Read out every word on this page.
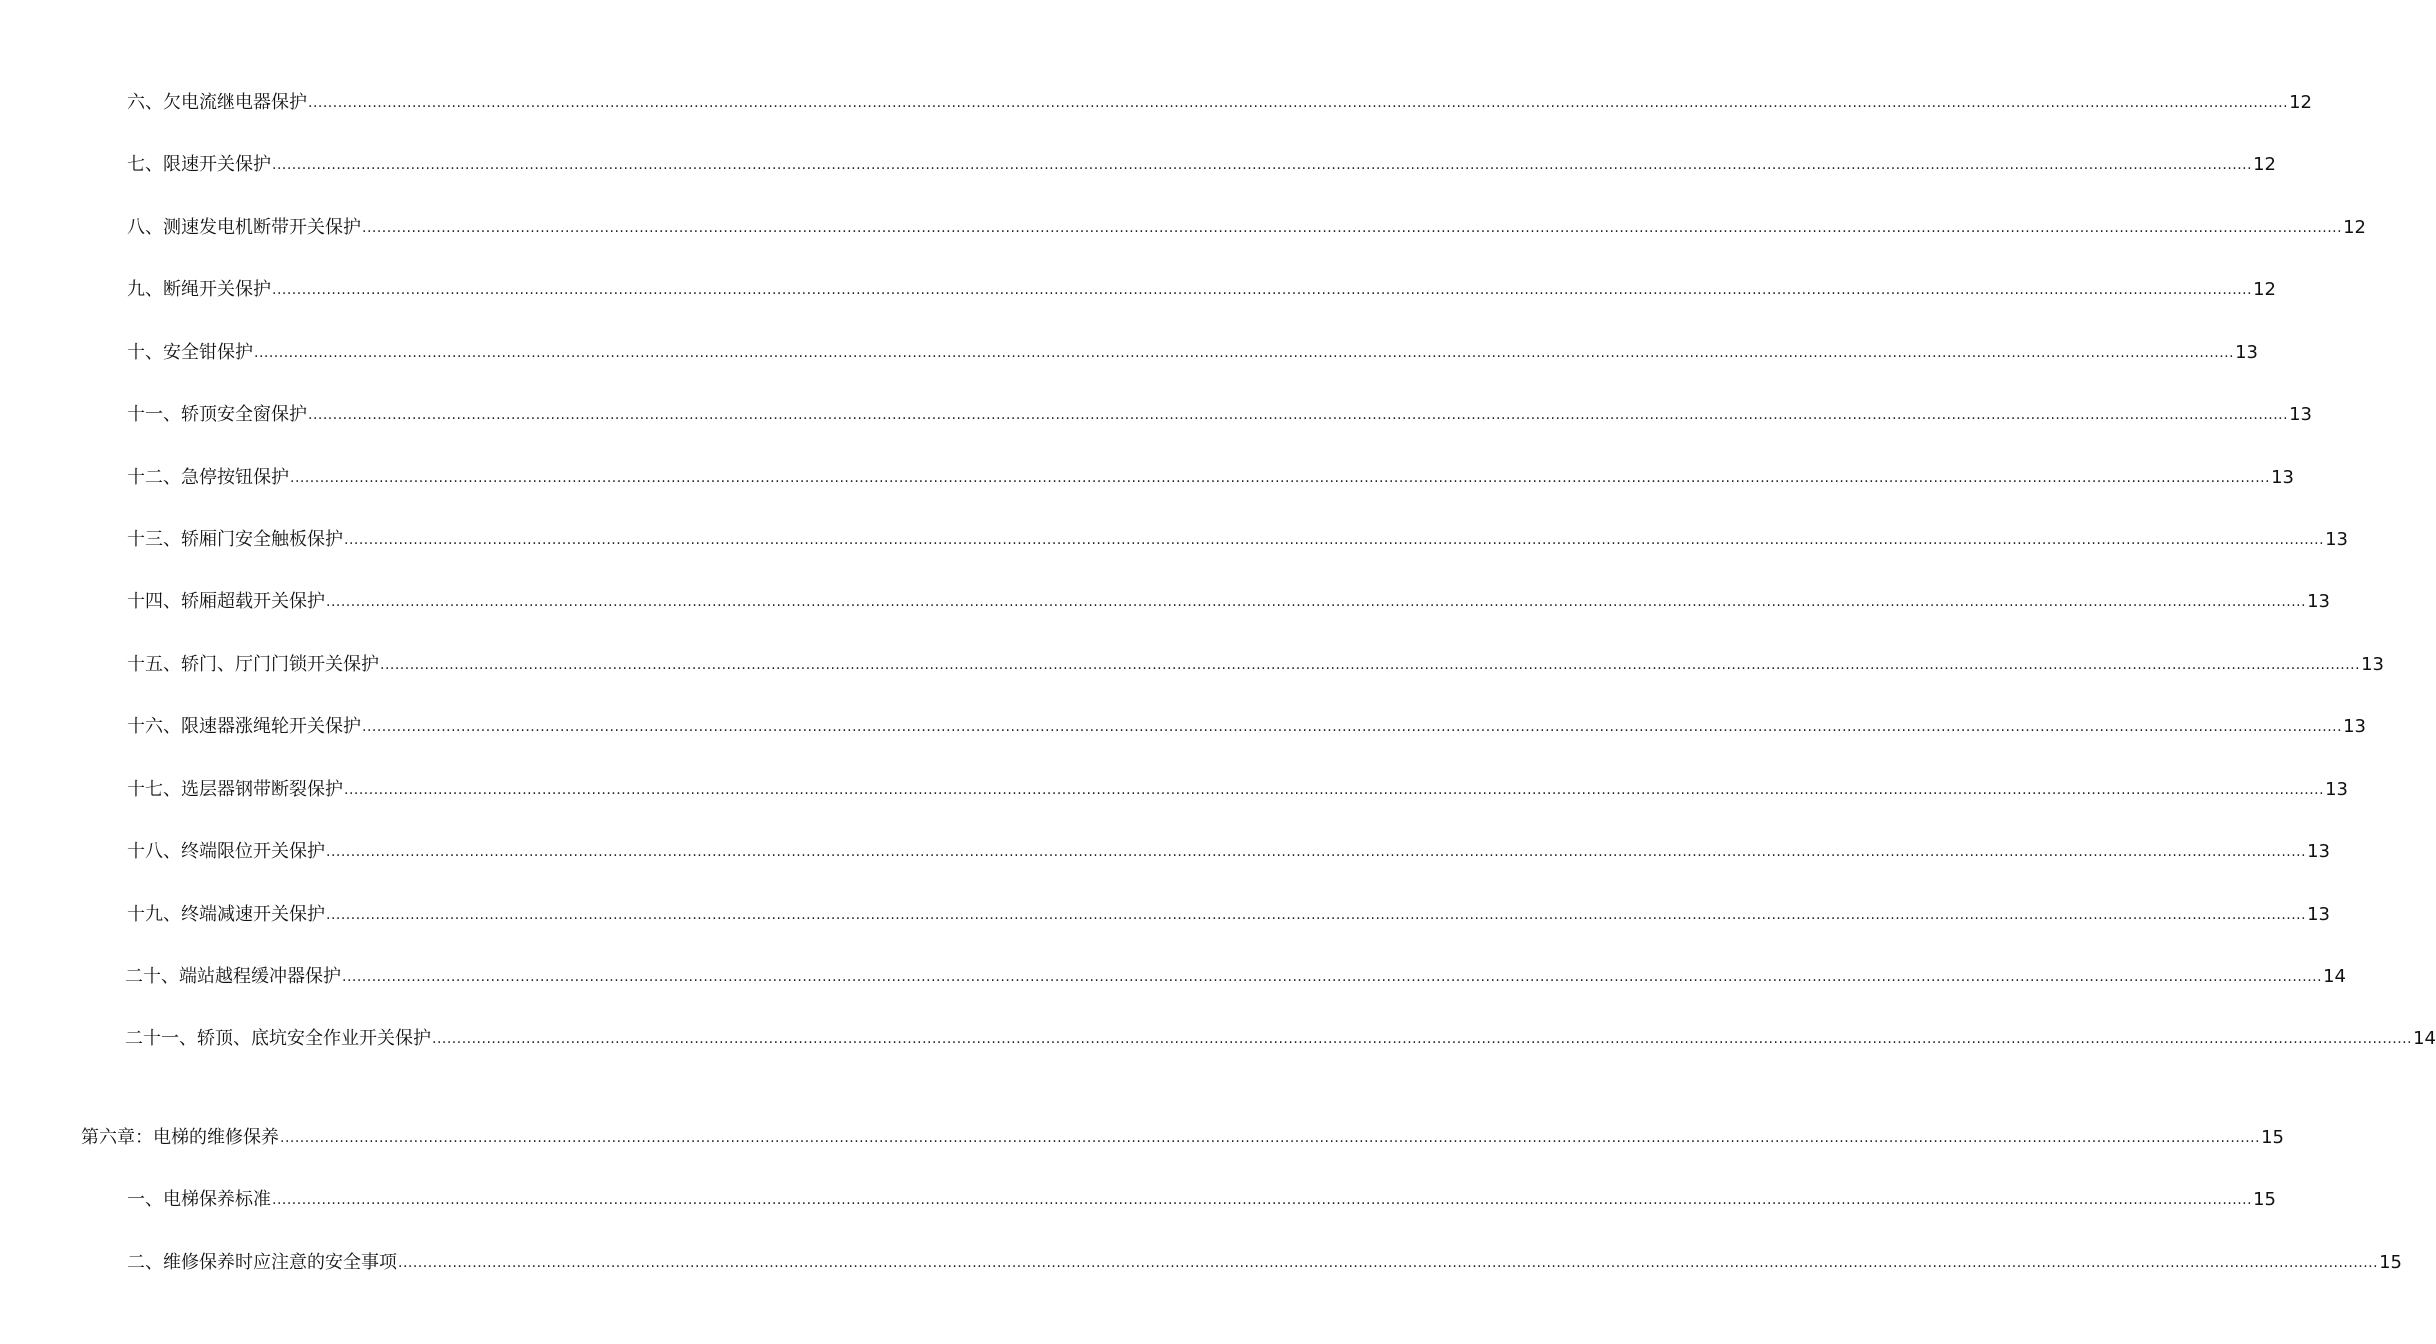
六、欠电流继电器保护 ................................................................................................................................................................................................................................................................................................................................................................................................................ 12
七、限速开关保护 ................................................................................................................................................................................................................................................................................................................................................................................................................ 12
八、测速发电机断带开关保护 ................................................................................................................................................................................................................................................................................................................................................................................................................ 12
九、断绳开关保护 ................................................................................................................................................................................................................................................................................................................................................................................................................ 12
十、安全钳保护 ................................................................................................................................................................................................................................................................................................................................................................................................................ 13
十一、轿顶安全窗保护 ................................................................................................................................................................................................................................................................................................................................................................................................................ 13
十二、急停按钮保护 ................................................................................................................................................................................................................................................................................................................................................................................................................ 13
十三、轿厢门安全触板保护 ................................................................................................................................................................................................................................................................................................................................................................................................................ 13
十四、轿厢超载开关保护 ................................................................................................................................................................................................................................................................................................................................................................................................................ 13
十五、轿门、厅门门锁开关保护 ................................................................................................................................................................................................................................................................................................................................................................................................................ 13
十六、限速器涨绳轮开关保护 ................................................................................................................................................................................................................................................................................................................................................................................................................ 13
十七、选层器钢带断裂保护 ................................................................................................................................................................................................................................................................................................................................................................................................................ 13
十八、终端限位开关保护 ................................................................................................................................................................................................................................................................................................................................................................................................................ 13
十九、终端减速开关保护 ................................................................................................................................................................................................................................................................................................................................................................................................................ 13
二十、端站越程缓冲器保护 ................................................................................................................................................................................................................................................................................................................................................................................................................ 14
二十一、轿顶、底坑安全作业开关保护 ................................................................................................................................................................................................................................................................................................................................................................................................................ 14
第六章：电梯的维修保养 ................................................................................................................................................................................................................................................................................................................................................................................................................ 15
一、电梯保养标准 ................................................................................................................................................................................................................................................................................................................................................................................................................ 15
二、维修保养时应注意的安全事项 ................................................................................................................................................................................................................................................................................................................................................................................................................ 15
